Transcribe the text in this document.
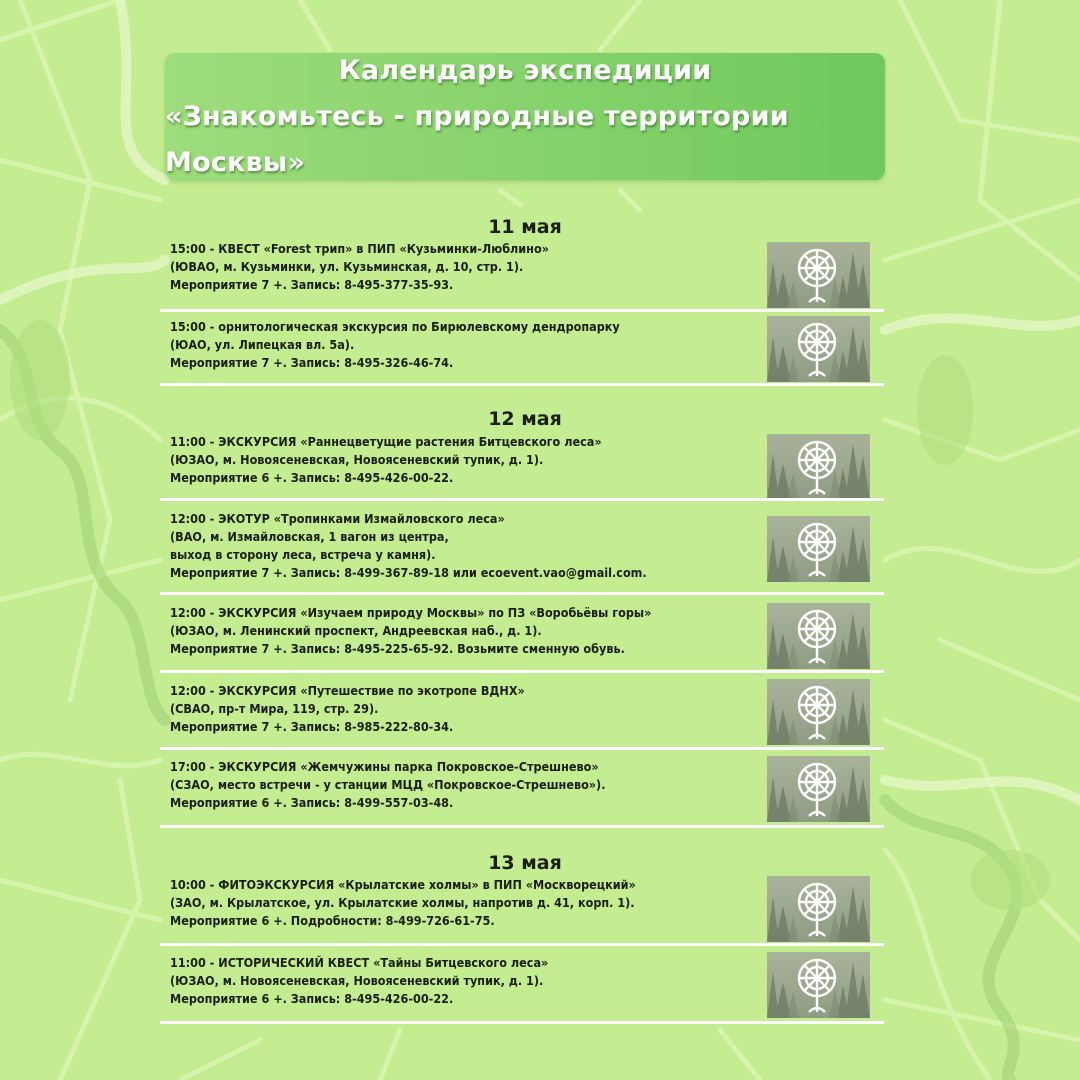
Календарь экспедиции
«Знакомьтесь - природные территории Москвы»
11 мая
15:00 - КВЕСТ «Forest трип» в ПИП «Кузьминки-Люблино»
(ЮВАО, м. Кузьминки, ул. Кузьминская, д. 10, стр. 1).
Мероприятие 7 +. Запись: 8-495-377-35-93.
15:00 - орнитологическая экскурсия по Бирюлевскому дендропарку
(ЮАО, ул. Липецкая вл. 5а).
Мероприятие 7 +. Запись: 8-495-326-46-74.
12 мая
11:00 - ЭКСКУРСИЯ «Раннецветущие растения Битцевского леса»
(ЮЗАО, м. Новоясеневская, Новоясеневский тупик, д. 1).
Мероприятие 6 +. Запись: 8-495-426-00-22.
12:00 - ЭКОТУР «Тропинками Измайловского леса»
(ВАО, м. Измайловская, 1 вагон из центра,
выход в сторону леса, встреча у камня).
Мероприятие 7 +. Запись: 8-499-367-89-18 или ecoevent.vao@gmail.com.
12:00 - ЭКСКУРСИЯ «Изучаем природу Москвы» по ПЗ «Воробьёвы горы»
(ЮЗАО, м. Ленинский проспект, Андреевская наб., д. 1).
Мероприятие 7 +. Запись: 8-495-225-65-92. Возьмите сменную обувь.
12:00 - ЭКСКУРСИЯ «Путешествие по экотропе ВДНХ»
(СВАО, пр-т Мира, 119, стр. 29).
Мероприятие 7 +. Запись: 8-985-222-80-34.
17:00 - ЭКСКУРСИЯ «Жемчужины парка Покровское-Стрешнево»
(СЗАО, место встречи - у станции МЦД «Покровское-Стрешнево»).
Мероприятие 6 +. Запись: 8-499-557-03-48.
13 мая
10:00 - ФИТОЭКСКУРСИЯ «Крылатские холмы» в ПИП «Москворецкий»
(ЗАО, м. Крылатское, ул. Крылатские холмы, напротив д. 41, корп. 1).
Мероприятие 6 +. Подробности: 8-499-726-61-75.
11:00 - ИСТОРИЧЕСКИЙ КВЕСТ «Тайны Битцевского леса»
(ЮЗАО, м. Новоясеневская, Новоясеневский тупик, д. 1).
Мероприятие 6 +. Запись: 8-495-426-00-22.
